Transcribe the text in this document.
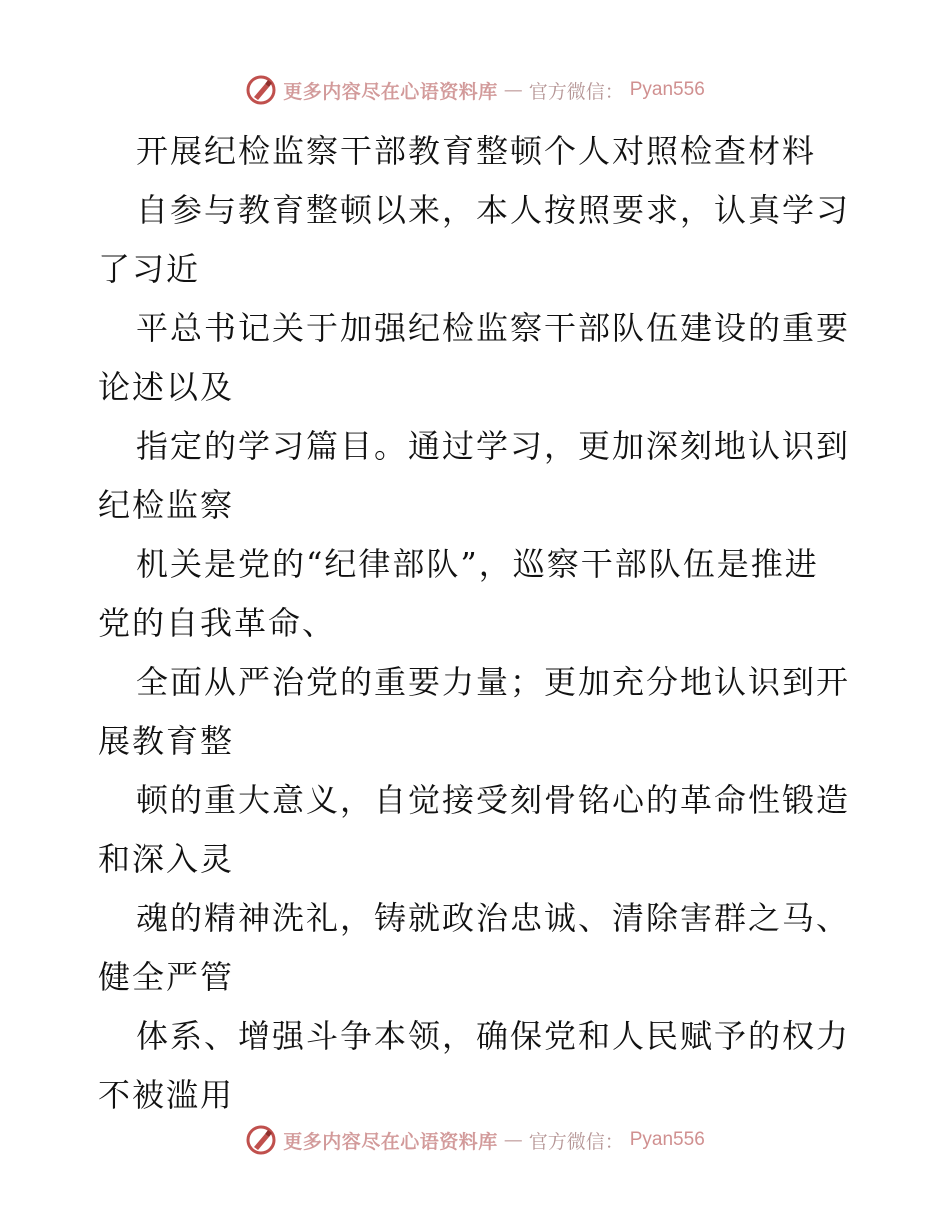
更多内容尽在心语资料库 — 官方微信： Pyan556
开展纪检监察干部教育整顿个人对照检查材料
自参与教育整顿以来，本人按照要求，认真学习
了习近
平总书记关于加强纪检监察干部队伍建设的重要
论述以及
指定的学习篇目。通过学习，更加深刻地认识到
纪检监察
机关是党的“纪律部队”，巡察干部队伍是推进
党的自我革命、
全面从严治党的重要力量；更加充分地认识到开
展教育整
顿的重大意义，自觉接受刻骨铭心的革命性锻造
和深入灵
魂的精神洗礼，铸就政治忠诚、清除害群之马、
健全严管
体系、增强斗争本领，确保党和人民赋予的权力
不被滥用
更多内容尽在心语资料库 — 官方微信： Pyan556
